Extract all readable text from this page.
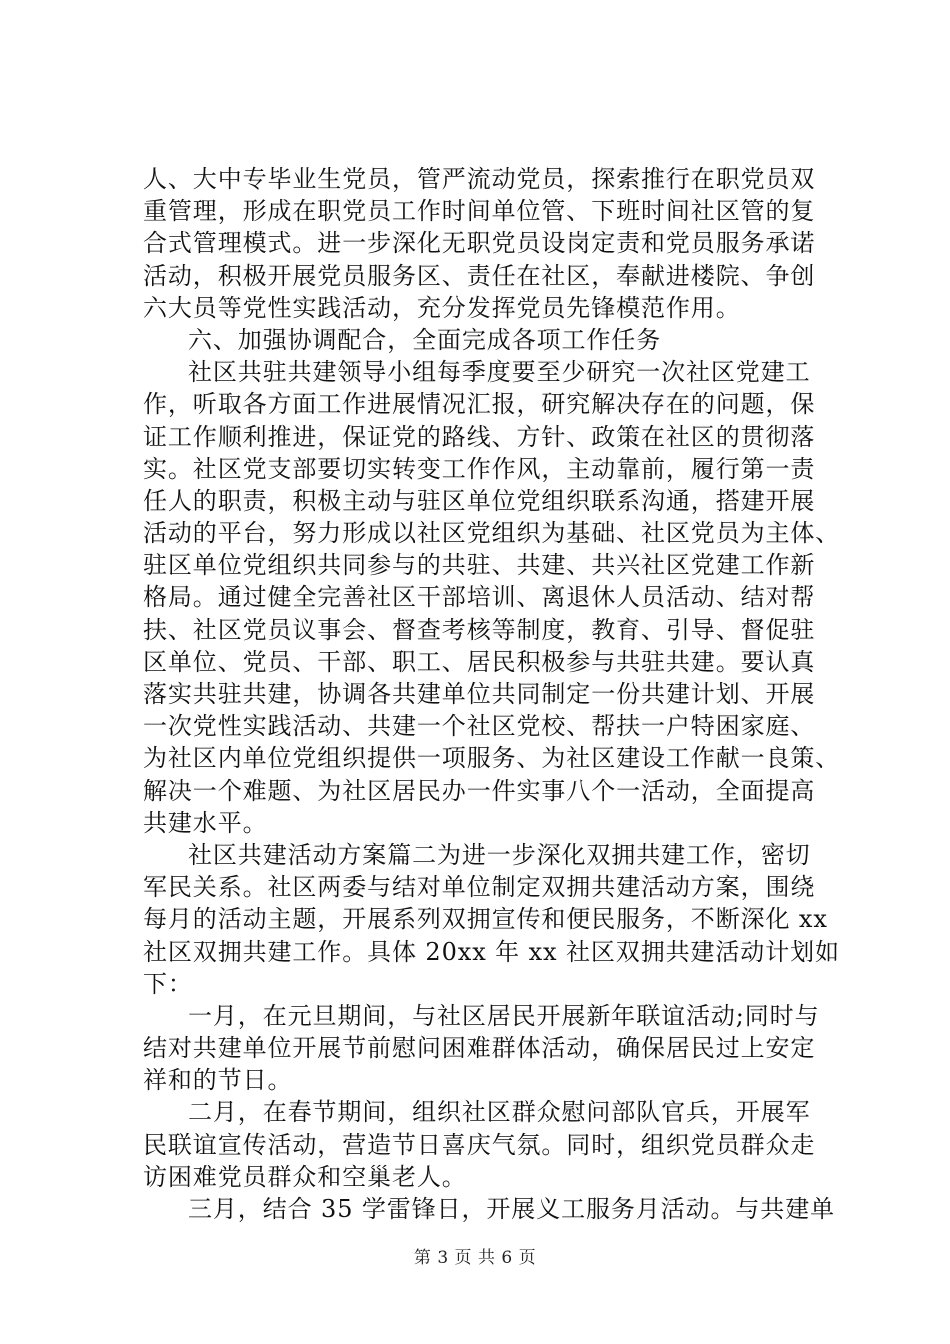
人、大中专毕业生党员，管严流动党员，探索推行在职党员双
重管理，形成在职党员工作时间单位管、下班时间社区管的复
合式管理模式。进一步深化无职党员设岗定责和党员服务承诺
活动，积极开展党员服务区、责任在社区，奉献进楼院、争创
六大员等党性实践活动，充分发挥党员先锋模范作用。
六、加强协调配合，全面完成各项工作任务
社区共驻共建领导小组每季度要至少研究一次社区党建工
作，听取各方面工作进展情况汇报，研究解决存在的问题，保
证工作顺利推进，保证党的路线、方针、政策在社区的贯彻落
实。社区党支部要切实转变工作作风，主动靠前，履行第一责
任人的职责，积极主动与驻区单位党组织联系沟通，搭建开展
活动的平台，努力形成以社区党组织为基础、社区党员为主体、
驻区单位党组织共同参与的共驻、共建、共兴社区党建工作新
格局。通过健全完善社区干部培训、离退休人员活动、结对帮
扶、社区党员议事会、督查考核等制度，教育、引导、督促驻
区单位、党员、干部、职工、居民积极参与共驻共建。要认真
落实共驻共建，协调各共建单位共同制定一份共建计划、开展
一次党性实践活动、共建一个社区党校、帮扶一户特困家庭、
为社区内单位党组织提供一项服务、为社区建设工作献一良策、
解决一个难题、为社区居民办一件实事八个一活动，全面提高
共建水平。
社区共建活动方案篇二为进一步深化双拥共建工作，密切
军民关系。社区两委与结对单位制定双拥共建活动方案，围绕
每月的活动主题，开展系列双拥宣传和便民服务，不断深化 xx
社区双拥共建工作。具体 20xx 年 xx 社区双拥共建活动计划如
下：
一月，在元旦期间，与社区居民开展新年联谊活动;同时与
结对共建单位开展节前慰问困难群体活动，确保居民过上安定
祥和的节日。
二月，在春节期间，组织社区群众慰问部队官兵，开展军
民联谊宣传活动，营造节日喜庆气氛。同时，组织党员群众走
访困难党员群众和空巢老人。
三月，结合 35 学雷锋日，开展义工服务月活动。与共建单
第 3 页 共 6 页
